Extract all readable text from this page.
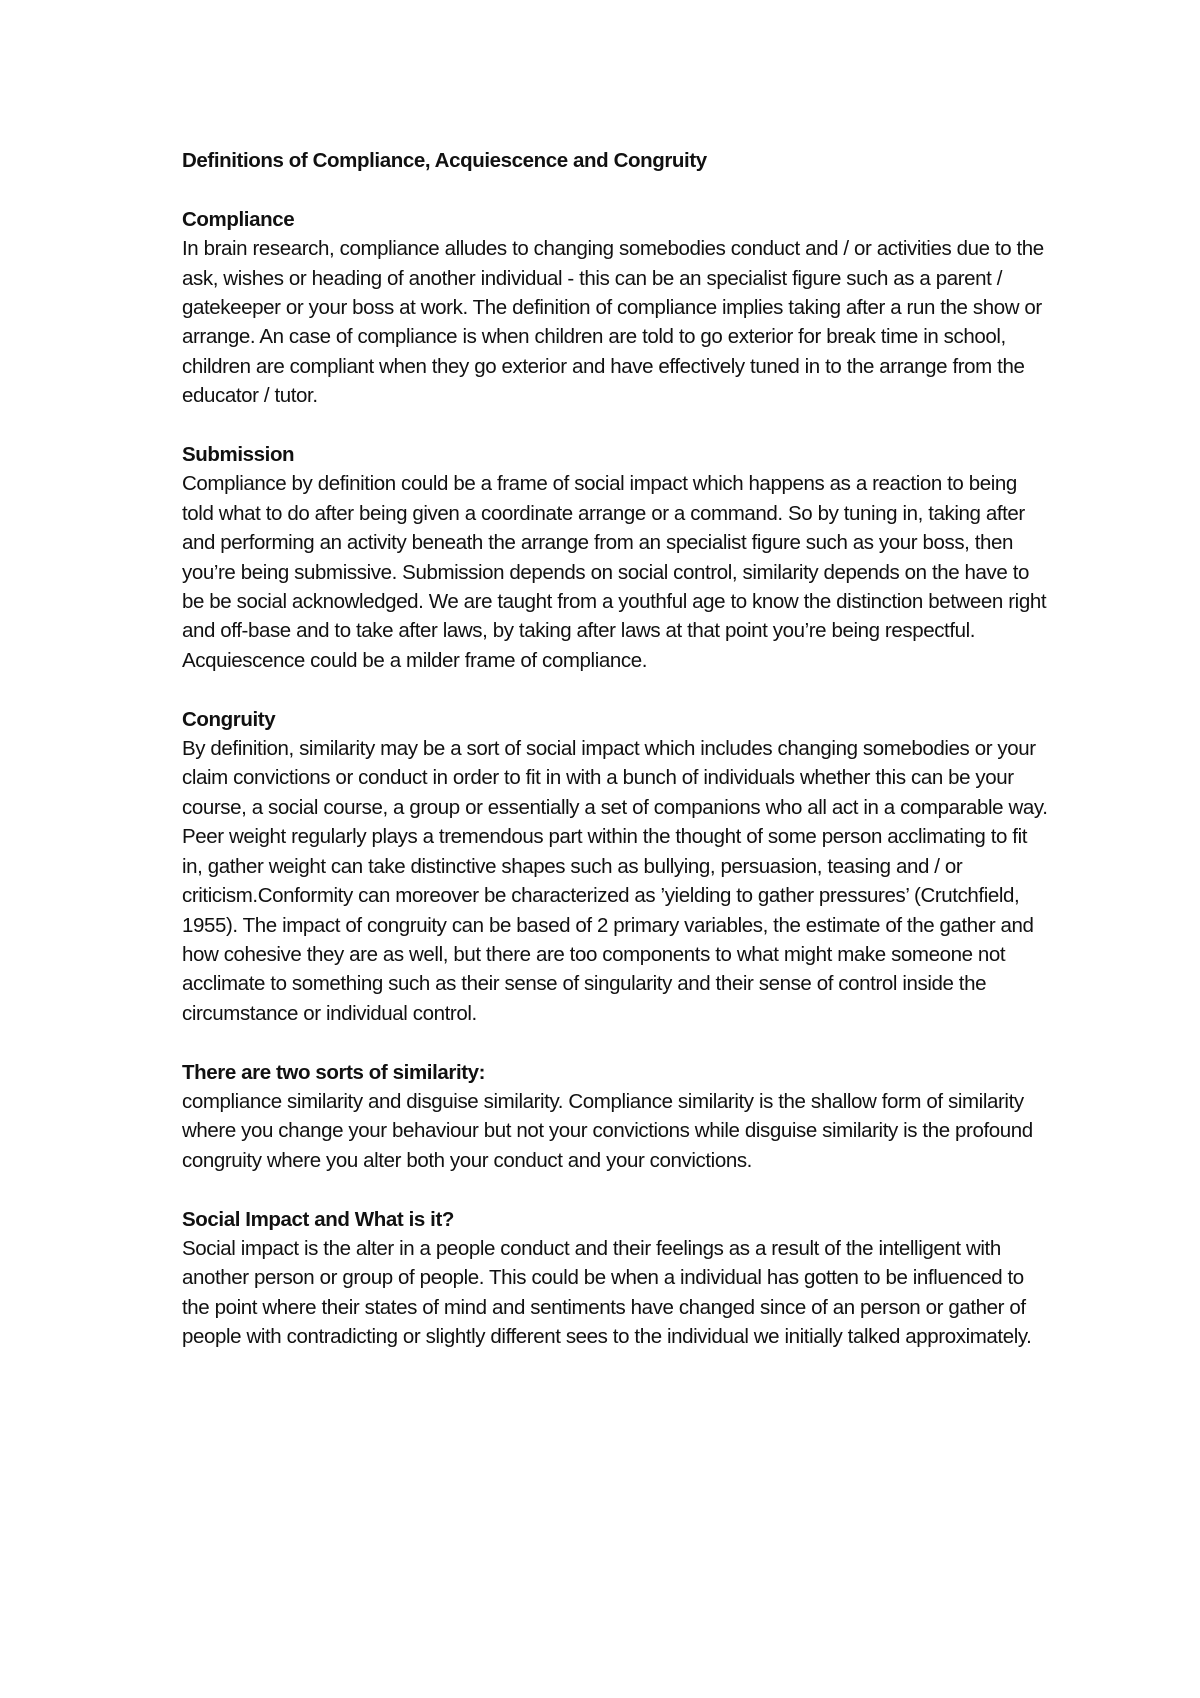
Definitions of Compliance, Acquiescence and Congruity

Compliance

In brain research, compliance alludes to changing somebodies conduct and / or activities due to the ask, wishes or heading of another individual - this can be an specialist figure such as a parent / gatekeeper or your boss at work. The definition of compliance implies taking after a run the show or arrange. An case of compliance is when children are told to go exterior for break time in school, children are compliant when they go exterior and have effectively tuned in to the arrange from the educator / tutor.

Submission

Compliance by definition could be a frame of social impact which happens as a reaction to being told what to do after being given a coordinate arrange or a command. So by tuning in, taking after and performing an activity beneath the arrange from an specialist figure such as your boss, then you’re being submissive. Submission depends on social control, similarity depends on the have to be be social acknowledged. We are taught from a youthful age to know the distinction between right and off-base and to take after laws, by taking after laws at that point you’re being respectful. Acquiescence could be a milder frame of compliance.

Congruity

By definition, similarity may be a sort of social impact which includes changing somebodies or your claim convictions or conduct in order to fit in with a bunch of individuals whether this can be your course, a social course, a group or essentially a set of companions who all act in a comparable way. Peer weight regularly plays a tremendous part within the thought of some person acclimating to fit in, gather weight can take distinctive shapes such as bullying, persuasion, teasing and / or criticism.Conformity can moreover be characterized as ’yielding to gather pressures’ (Crutchfield, 1955). The impact of congruity can be based of 2 primary variables, the estimate of the gather and how cohesive they are as well, but there are too components to what might make someone not acclimate to something such as their sense of singularity and their sense of control inside the circumstance or individual control.

There are two sorts of similarity:

compliance similarity and disguise similarity. Compliance similarity is the shallow form of similarity where you change your behaviour but not your convictions while disguise similarity is the profound congruity where you alter both your conduct and your convictions.

Social Impact and What is it?

Social impact is the alter in a people conduct and their feelings as a result of the intelligent with another person or group of people. This could be when a individual has gotten to be influenced to the point where their states of mind and sentiments have changed since of an person or gather of people with contradicting or slightly different sees to the individual we initially talked approximately.
